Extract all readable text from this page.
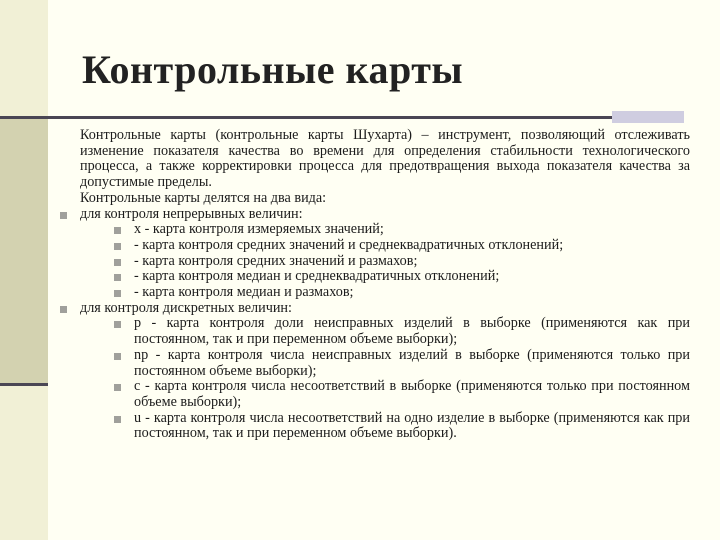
Контрольные карты
Контрольные карты (контрольные карты Шухарта) – инструмент, позволяющий отслеживать изменение показателя качества во времени для определения стабильности технологического процесса, а также корректировки процесса для предотвращения выхода показателя качества за допустимые пределы.
Контрольные карты делятся на два вида:
для контроля непрерывных величин:
x - карта контроля измеряемых значений;
- карта контроля средних значений и среднеквадратичных отклонений;
- карта контроля средних значений и размахов;
- карта контроля медиан и среднеквадратичных отклонений;
- карта контроля медиан и размахов;
для контроля дискретных величин:
p - карта контроля доли неисправных изделий в выборке (применяются как при постоянном, так и при переменном объеме выборки);
np - карта контроля числа неисправных изделий в выборке (применяются только при постоянном объеме выборки);
c - карта контроля числа несоответствий в выборке (применяются только при постоянном объеме выборки);
u - карта контроля числа несоответствий на одно изделие в выборке (применяются как при постоянном, так и при переменном объеме выборки).
